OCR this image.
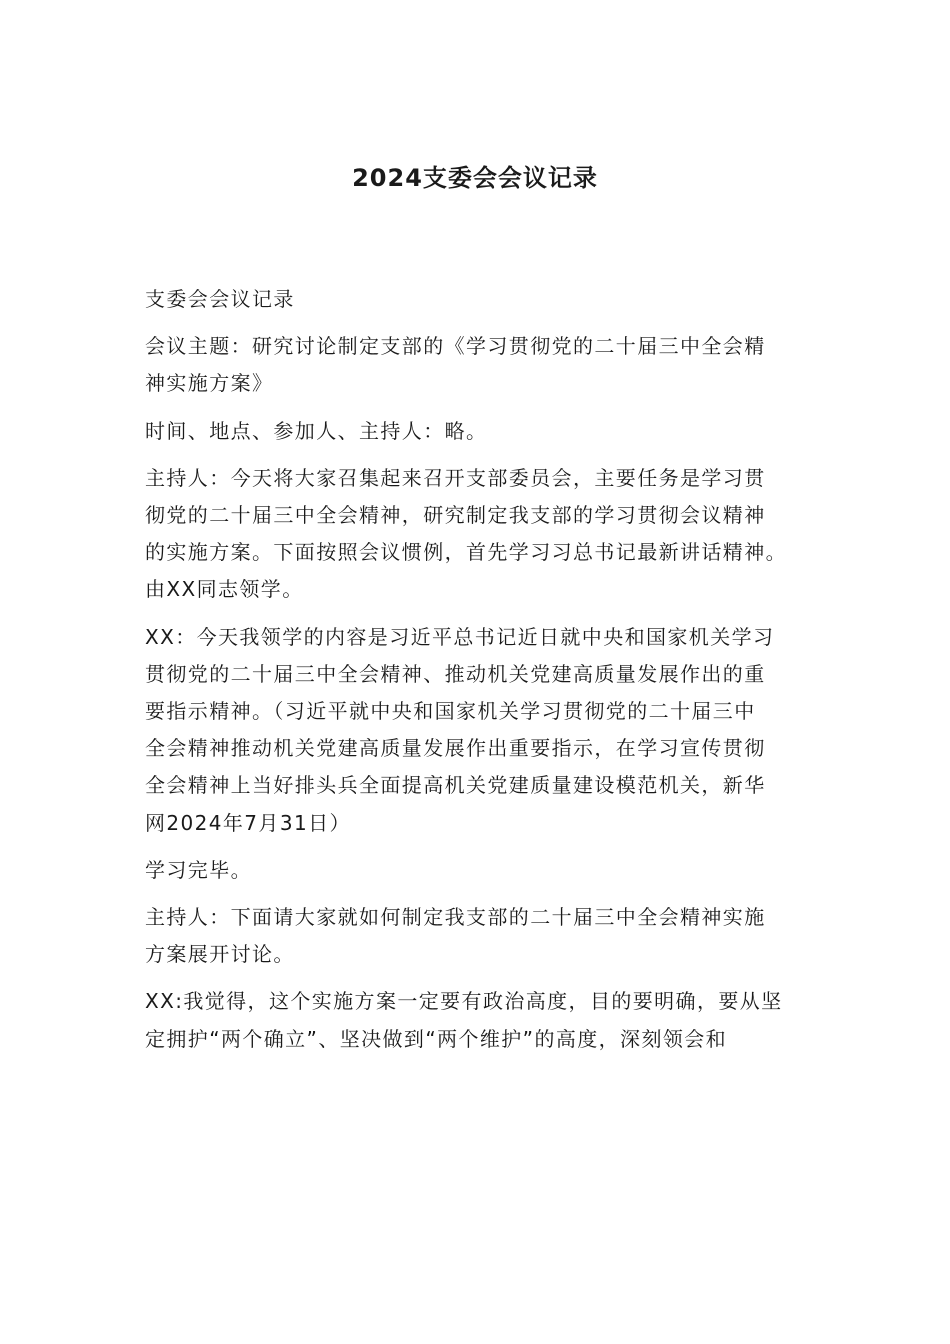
2024支委会会议记录

支委会会议记录

会议主题：研究讨论制定支部的《学习贯彻党的二十届三中全会精
神实施方案》

时间、地点、参加人、主持人：略。

主持人：今天将大家召集起来召开支部委员会，主要任务是学习贯
彻党的二十届三中全会精神，研究制定我支部的学习贯彻会议精神
的实施方案。下面按照会议惯例，首先学习习总书记最新讲话精神。
由XX同志领学。

XX：今天我领学的内容是习近平总书记近日就中央和国家机关学习
贯彻党的二十届三中全会精神、推动机关党建高质量发展作出的重
要指示精神。（习近平就中央和国家机关学习贯彻党的二十届三中
全会精神推动机关党建高质量发展作出重要指示，在学习宣传贯彻
全会精神上当好排头兵全面提高机关党建质量建设模范机关，新华
网2024年7月31日）

学习完毕。

主持人：下面请大家就如何制定我支部的二十届三中全会精神实施
方案展开讨论。

XX:我觉得，这个实施方案一定要有政治高度，目的要明确，要从坚
定拥护“两个确立”、坚决做到“两个维护”的高度，深刻领会和
